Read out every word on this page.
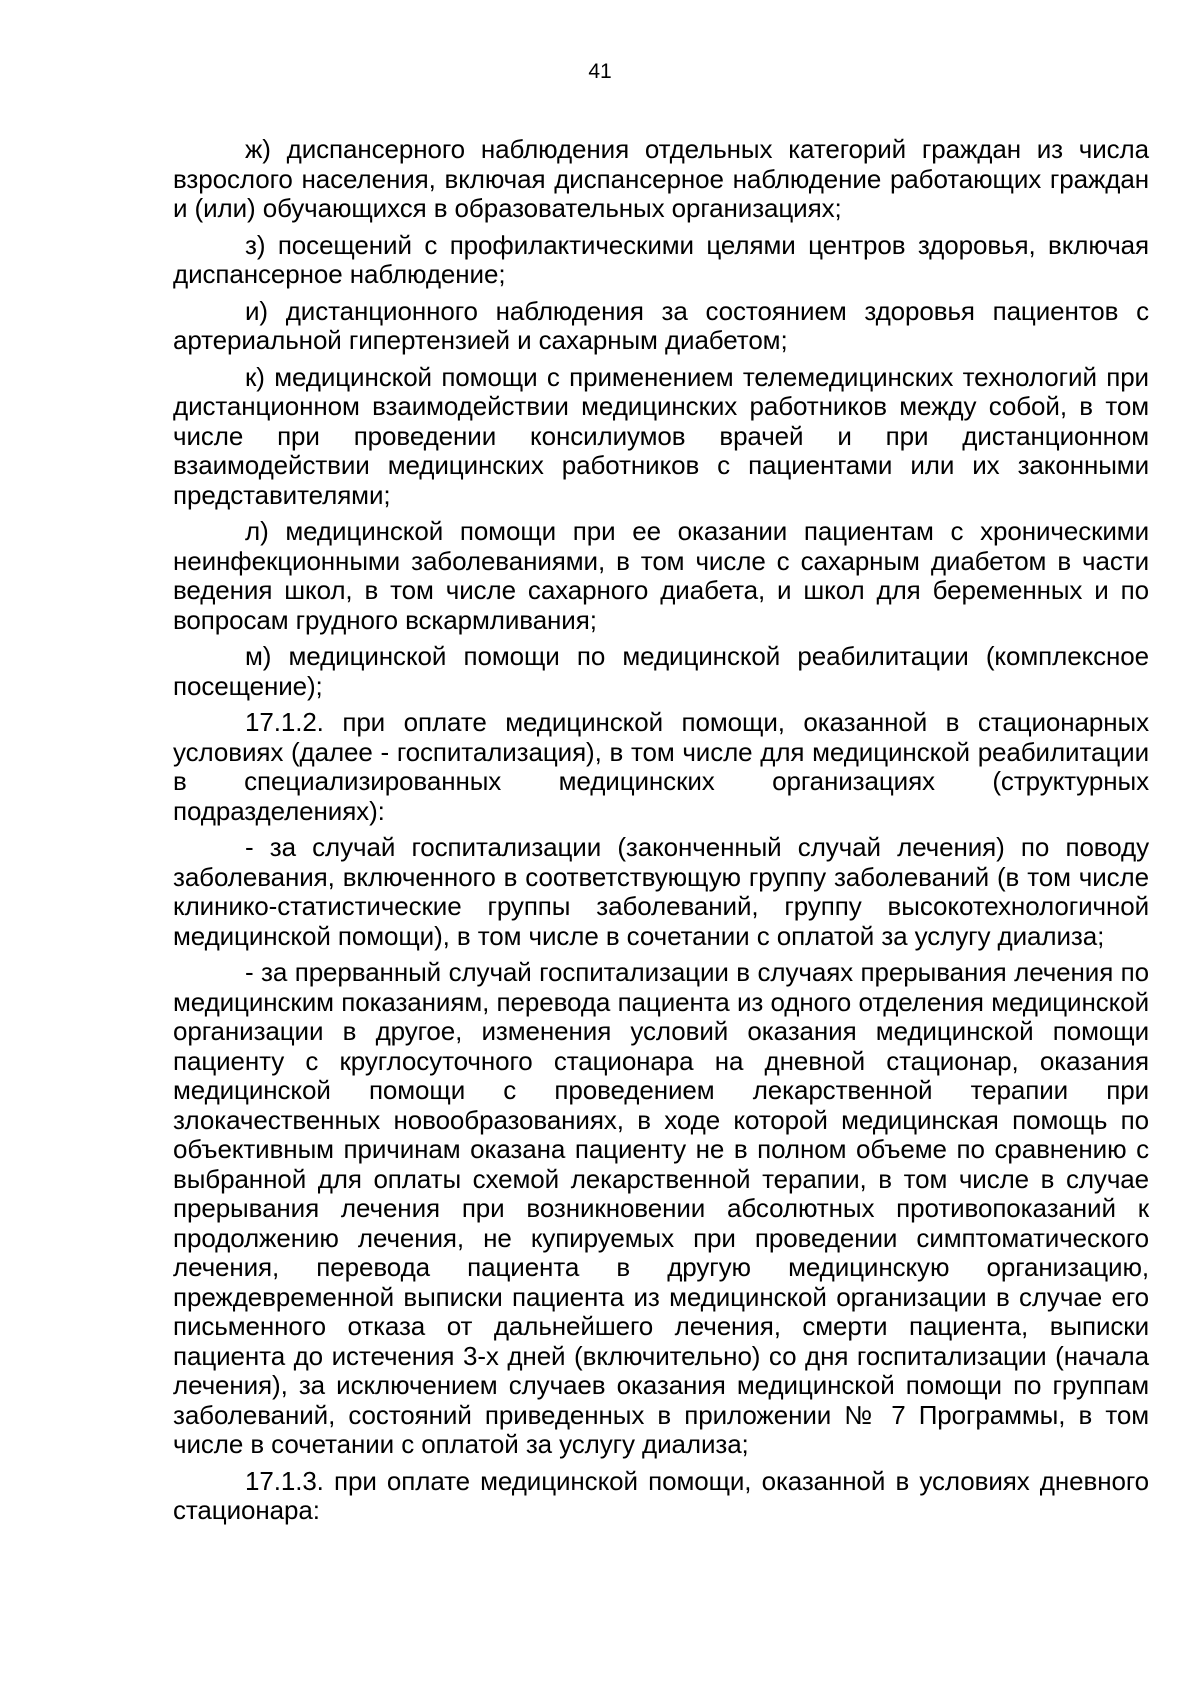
41

ж) диспансерного наблюдения отдельных категорий граждан из числа взрослого населения, включая диспансерное наблюдение работающих граждан и (или) обучающихся в образовательных организациях;

з) посещений с профилактическими целями центров здоровья, включая диспансерное наблюдение;

и) дистанционного наблюдения за состоянием здоровья пациентов с артериальной гипертензией и сахарным диабетом;

к) медицинской помощи с применением телемедицинских технологий при дистанционном взаимодействии медицинских работников между собой, в том числе при проведении консилиумов врачей и при дистанционном взаимодействии медицинских работников с пациентами или их законными представителями;

л) медицинской помощи при ее оказании пациентам с хроническими неинфекционными заболеваниями, в том числе с сахарным диабетом в части ведения школ, в том числе сахарного диабета, и школ для беременных и по вопросам грудного вскармливания;

м) медицинской помощи по медицинской реабилитации (комплексное посещение);

17.1.2. при оплате медицинской помощи, оказанной в стационарных условиях (далее - госпитализация), в том числе для медицинской реабилитации в специализированных медицинских организациях (структурных подразделениях):

- за случай госпитализации (законченный случай лечения) по поводу заболевания, включенного в соответствующую группу заболеваний (в том числе клинико-статистические группы заболеваний, группу высокотехнологичной медицинской помощи), в том числе в сочетании с оплатой за услугу диализа;

- за прерванный случай госпитализации в случаях прерывания лечения по медицинским показаниям, перевода пациента из одного отделения медицинской организации в другое, изменения условий оказания медицинской помощи пациенту с круглосуточного стационара на дневной стационар, оказания медицинской помощи с проведением лекарственной терапии при злокачественных новообразованиях, в ходе которой медицинская помощь по объективным причинам оказана пациенту не в полном объеме по сравнению с выбранной для оплаты схемой лекарственной терапии, в том числе в случае прерывания лечения при возникновении абсолютных противопоказаний к продолжению лечения, не купируемых при проведении симптоматического лечения, перевода пациента в другую медицинскую организацию, преждевременной выписки пациента из медицинской организации в случае его письменного отказа от дальнейшего лечения, смерти пациента, выписки пациента до истечения 3-х дней (включительно) со дня госпитализации (начала лечения), за исключением случаев оказания медицинской помощи по группам заболеваний, состояний приведенных в приложении № 7 Программы, в том числе в сочетании с оплатой за услугу диализа;

17.1.3. при оплате медицинской помощи, оказанной в условиях дневного стационара:
